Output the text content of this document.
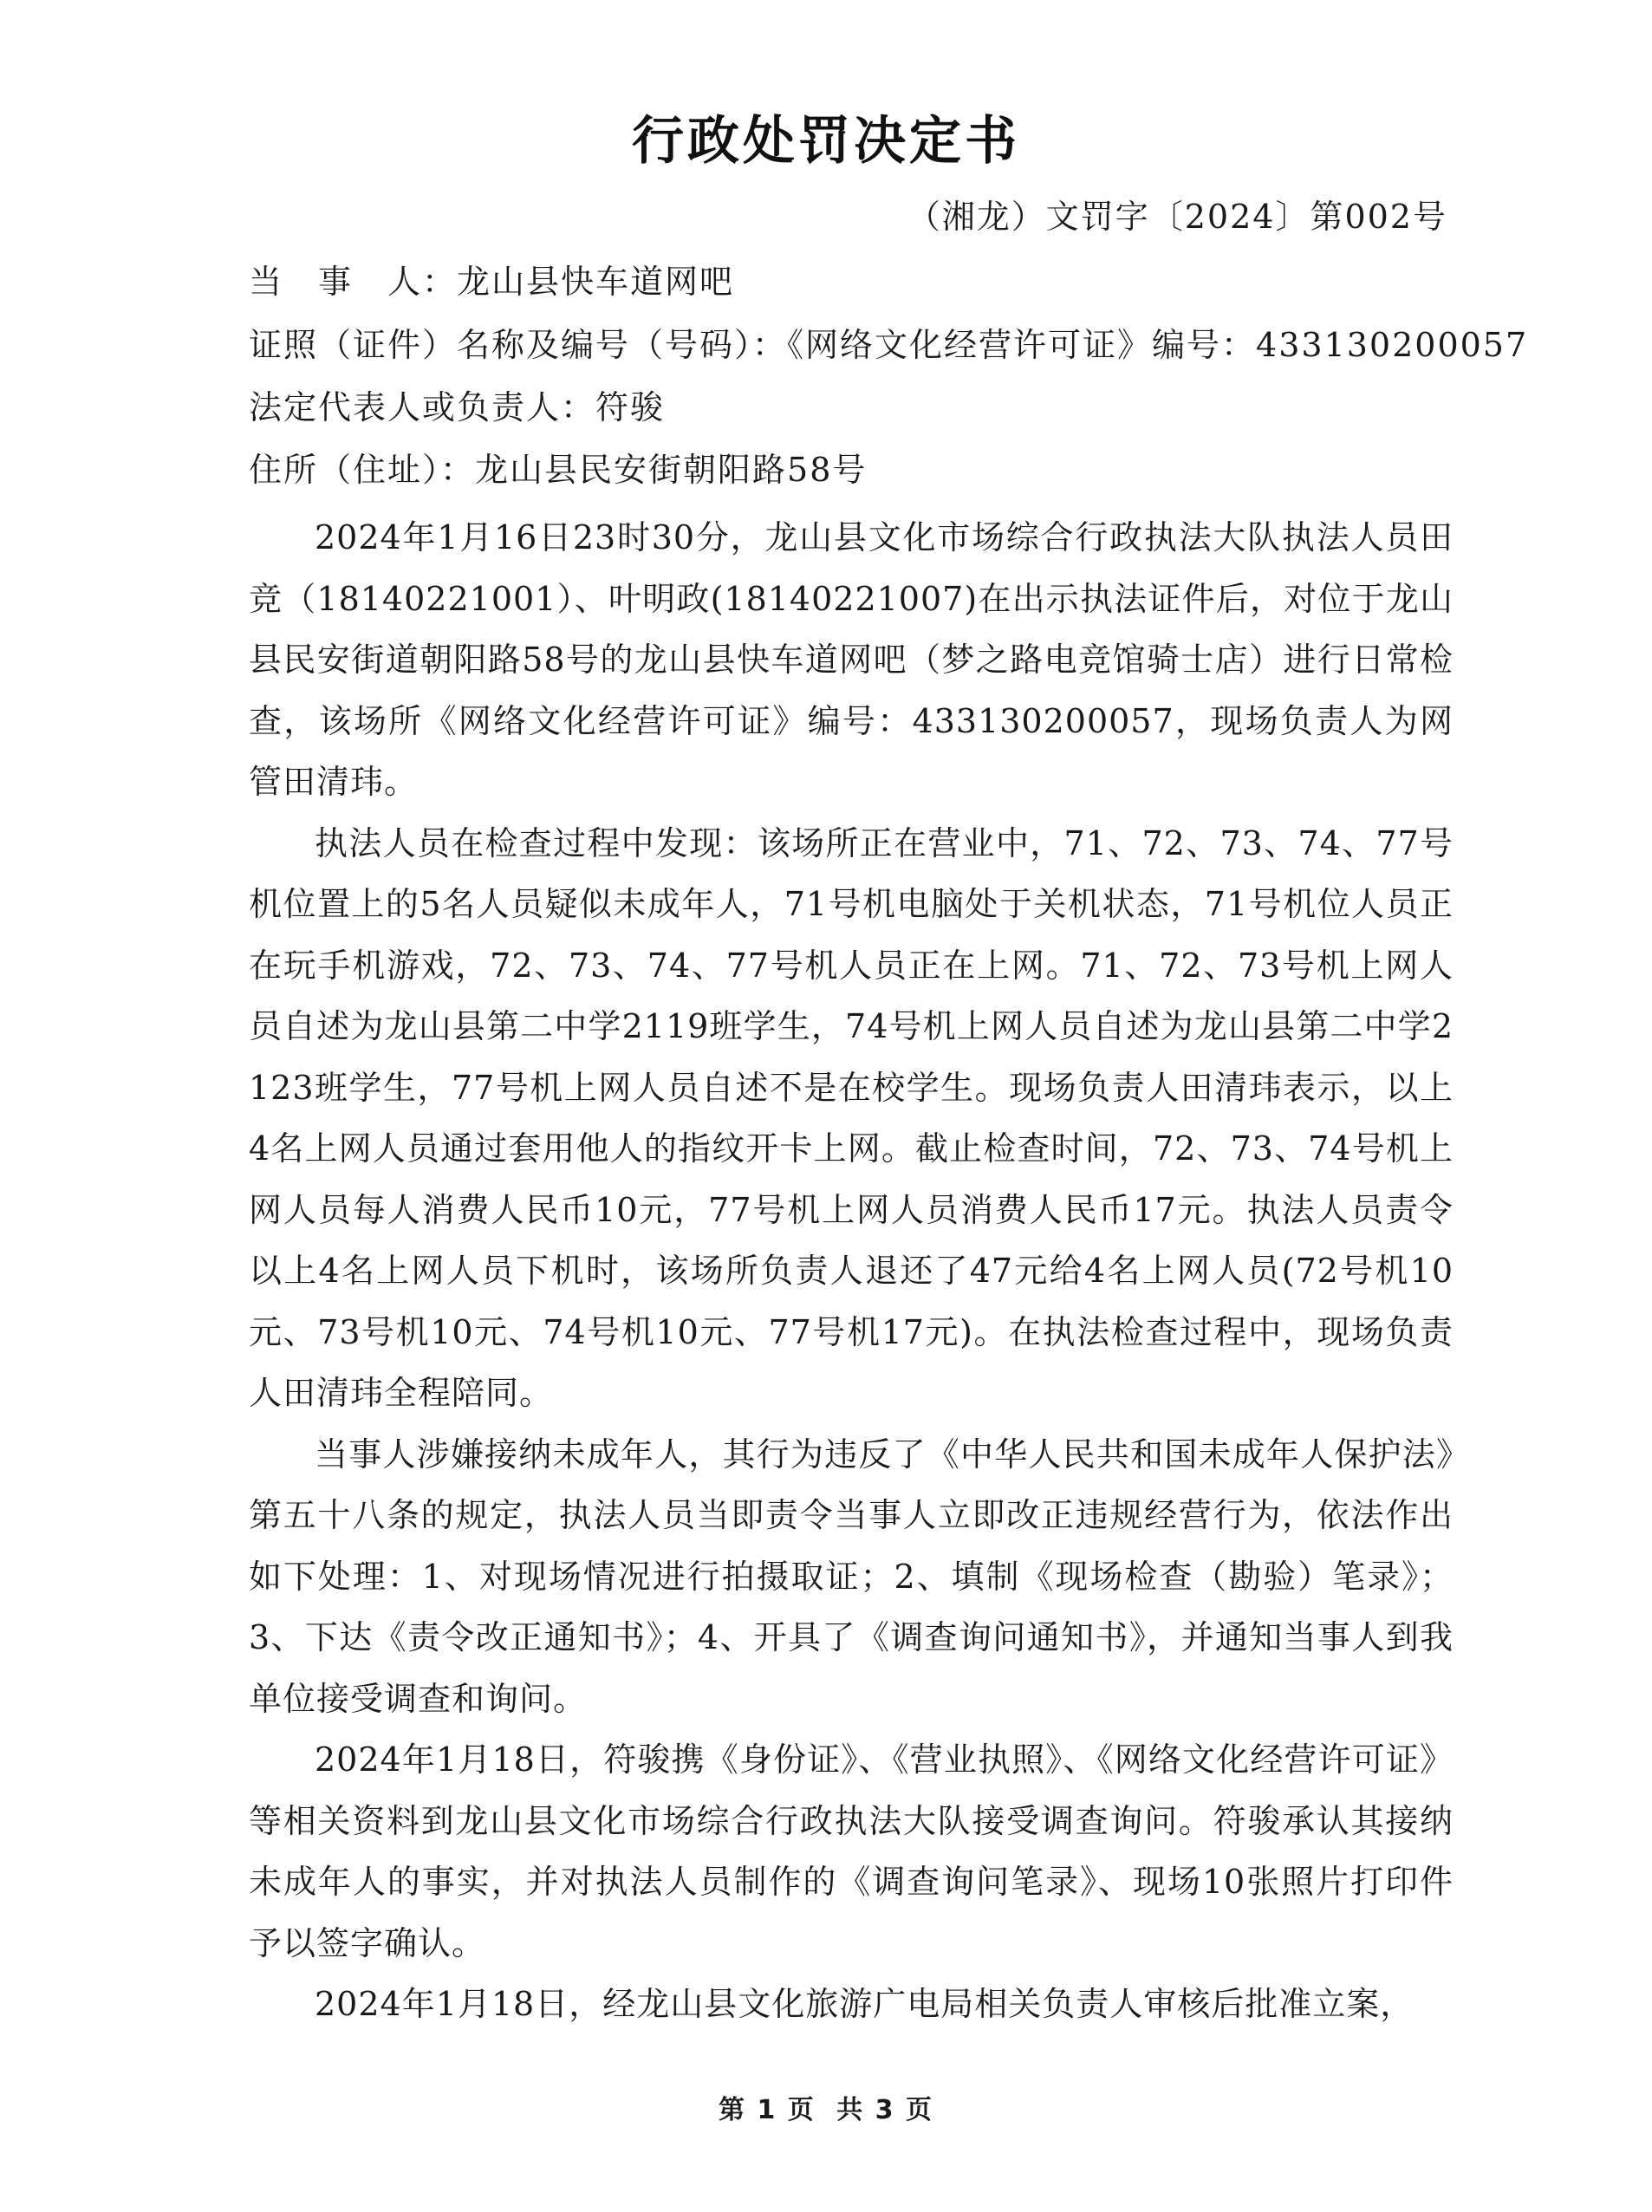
行政处罚决定书
（湘龙）文罚字〔2024〕第002号
当　事　人：龙山县快车道网吧
证照（证件）名称及编号（号码）：《网络文化经营许可证》编号：433130200057
法定代表人或负责人：符骏
住所（住址）：龙山县民安街朝阳路58号

2024年1月16日23时30分，龙山县文化市场综合行政执法大队执法人员田竞（18140221001）、叶明政(18140221007)在出示执法证件后，对位于龙山县民安街道朝阳路58号的龙山县快车道网吧（梦之路电竞馆骑士店）进行日常检查，该场所《网络文化经营许可证》编号：433130200057，现场负责人为网管田清玮。

执法人员在检查过程中发现：该场所正在营业中，71、72、73、74、77号机位置上的5名人员疑似未成年人，71号机电脑处于关机状态，71号机位人员正在玩手机游戏，72、73、74、77号机人员正在上网。71、72、73号机上网人员自述为龙山县第二中学2119班学生，74号机上网人员自述为龙山县第二中学2123班学生，77号机上网人员自述不是在校学生。现场负责人田清玮表示，以上4名上网人员通过套用他人的指纹开卡上网。截止检查时间，72、73、74号机上网人员每人消费人民币10元，77号机上网人员消费人民币17元。执法人员责令以上4名上网人员下机时，该场所负责人退还了47元给4名上网人员(72号机10元、73号机10元、74号机10元、77号机17元)。在执法检查过程中，现场负责人田清玮全程陪同。

当事人涉嫌接纳未成年人，其行为违反了《中华人民共和国未成年人保护法》第五十八条的规定，执法人员当即责令当事人立即改正违规经营行为，依法作出如下处理：1、对现场情况进行拍摄取证；2、填制《现场检查（勘验）笔录》；3、下达《责令改正通知书》；4、开具了《调查询问通知书》，并通知当事人到我单位接受调查和询问。

2024年1月18日，符骏携《身份证》、《营业执照》、《网络文化经营许可证》等相关资料到龙山县文化市场综合行政执法大队接受调查询问。符骏承认其接纳未成年人的事实，并对执法人员制作的《调查询问笔录》、现场10张照片打印件予以签字确认。

2024年1月18日，经龙山县文化旅游广电局相关负责人审核后批准立案，

第 1 页 共 3 页
